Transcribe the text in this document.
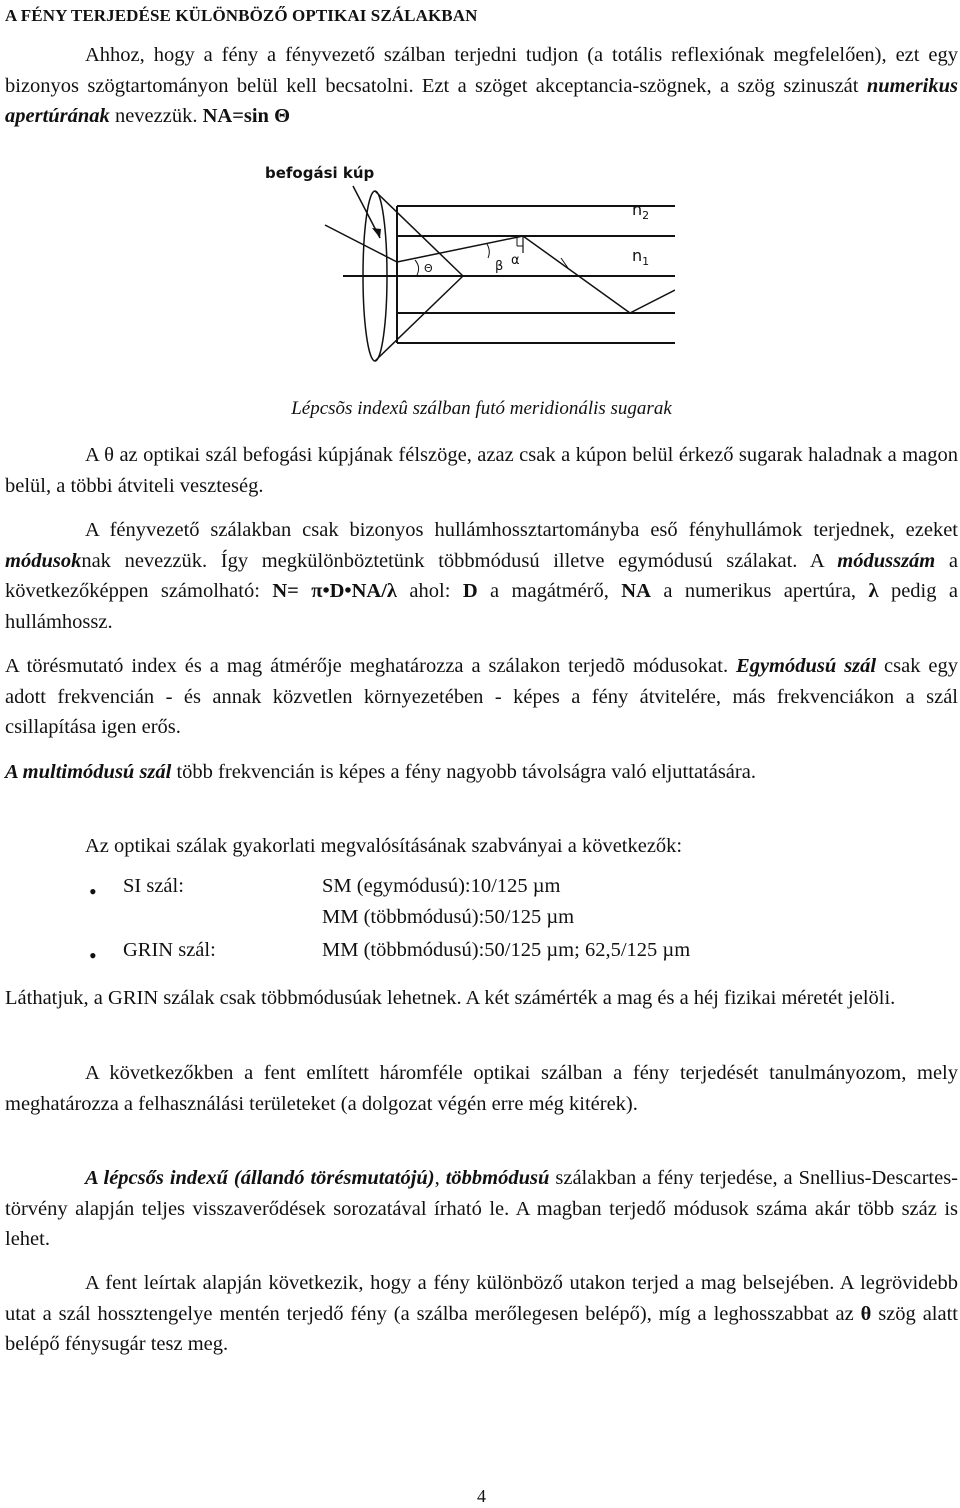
A FÉNY TERJEDÉSE KÜLÖNBÖZŐ OPTIKAI SZÁLAKBAN

Ahhoz, hogy a fény a fényvezető szálban terjedni tudjon (a totális reflexiónak megfelelően), ezt egy bizonyos szögtartományon belül kell becsatolni. Ezt a szöget akceptancia-szögnek, a szög szinuszát numerikus apertúrának nevezzük. NA=sin Θ

befogási kúp
Θ	β α
$n_2$
$n_1$
Lépcsõs indexû szálban futó meridionális sugarak

A θ az optikai szál befogási kúpjának félszöge, azaz csak a kúpon belül érkező sugarak haladnak a magon belül, a többi átviteli veszteség.

A fényvezető szálakban csak bizonyos hullámhossztartományba eső fényhullámok terjednek, ezeket módusoknak nevezzük. Így megkülönböztetünk többmódusú illetve egymódusú szálakat. A módusszám a következőképpen számolható: N= π•D•NA/λ ahol: D a magátmérő, NA a numerikus apertúra, λ pedig a hullámhossz.

A törésmutató index és a mag átmérője meghatározza a szálakon terjedõ módusokat. Egymódusú szál csak egy adott frekvencián - és annak közvetlen környezetében - képes a fény átvitelére, más frekvenciákon a szál csillapítása igen erős.

A multimódusú szál több frekvencián is képes a fény nagyobb távolságra való eljuttatására.

Az optikai szálak gyakorlati megvalósításának szabványai a következők:

• SI szál:	SM (egymódusú):10/125 µm
MM (többmódusú):50/125 µm
• GRIN szál:	MM (többmódusú):50/125 µm; 62,5/125 µm

Láthatjuk, a GRIN szálak csak többmódusúak lehetnek. A két számérték a mag és a héj fizikai méretét jelöli.

A következőkben a fent említett háromféle optikai szálban a fény terjedését tanulmányozom, mely meghatározza a felhasználási területeket (a dolgozat végén erre még kitérek).

A lépcsős indexű (állandó törésmutatójú), többmódusú szálakban a fény terjedése, a Snellius-Descartes-törvény alapján teljes visszaverődések sorozatával írható le. A magban terjedő módusok száma akár több száz is lehet.

A fent leírtak alapján következik, hogy a fény különböző utakon terjed a mag belsejében. A legrövidebb utat a szál hossztengelye mentén terjedő fény (a szálba merőlegesen belépő), míg a leghosszabbat az θ szög alatt belépő fénysugár tesz meg.

4
